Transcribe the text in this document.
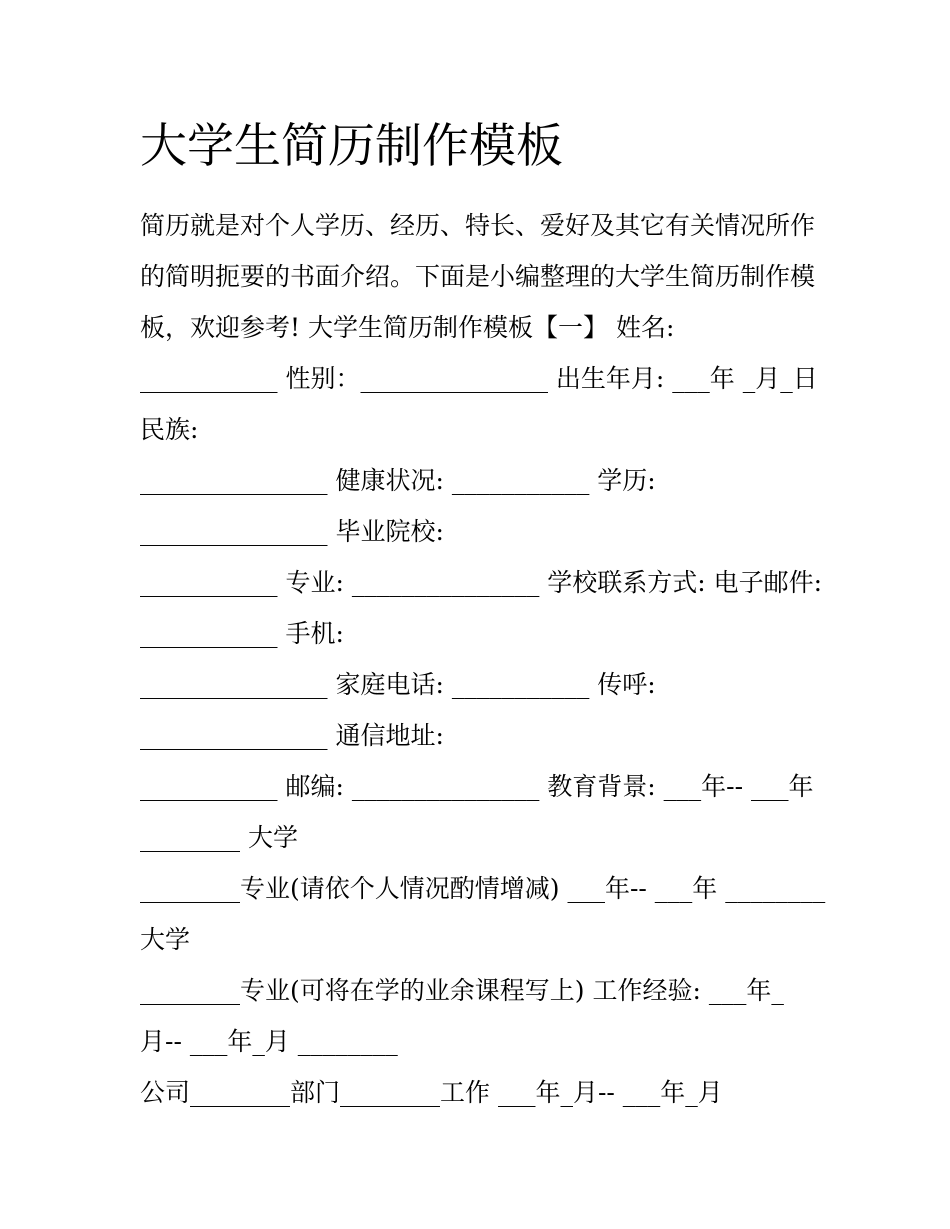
大学生简历制作模板
简历就是对个人学历、经历、特长、爱好及其它有关情况所作
的简明扼要的书面介绍。下面是小编整理的大学生简历制作模
板，欢迎参考! 大学生简历制作模板【一】 姓名:
___________ 性别：_______________ 出生年月: ___年 _月_日
民族:
_______________ 健康状况: ___________ 学历:
_______________ 毕业院校:
___________ 专业: _______________ 学校联系方式: 电子邮件:
___________ 手机:
_______________ 家庭电话: ___________ 传呼:
_______________ 通信地址:
___________ 邮编: _______________ 教育背景: ___年-- ___年
________ 大学
________专业(请依个人情况酌情增减) ___年-- ___年 ________
大学
________专业(可将在学的业余课程写上) 工作经验: ___年_
月-- ___年_月 ________
公司________部门________工作 ___年_月-- ___年_月
